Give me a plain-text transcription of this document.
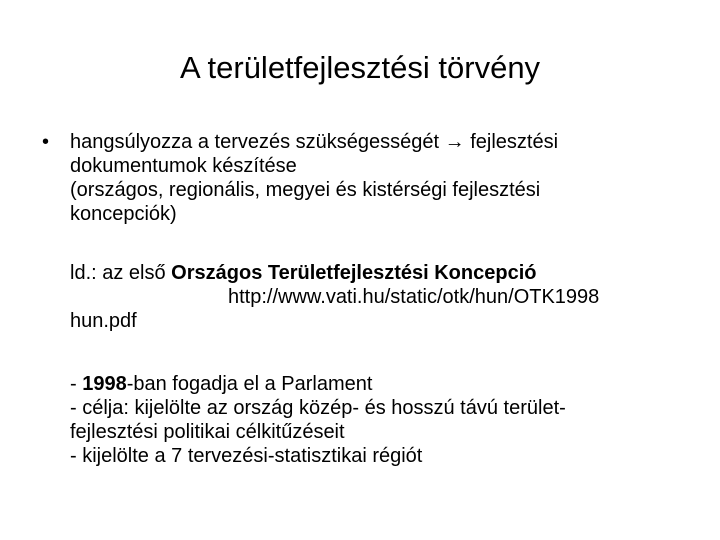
A területfejlesztési törvény
• hangsúlyozza a tervezés szükségességét → fejlesztési
dokumentumok készítése
(országos, regionális, megyei és kistérségi fejlesztési
koncepciók)
ld.: az első Országos Területfejlesztési Koncepció
http://www.vati.hu/static/otk/hun/OTK1998
hun.pdf
- 1998-ban fogadja el a Parlament
- célja: kijelölte az ország közép- és hosszú távú terület-
fejlesztési politikai célkitűzéseit
- kijelölte a 7 tervezési-statisztikai régiót
